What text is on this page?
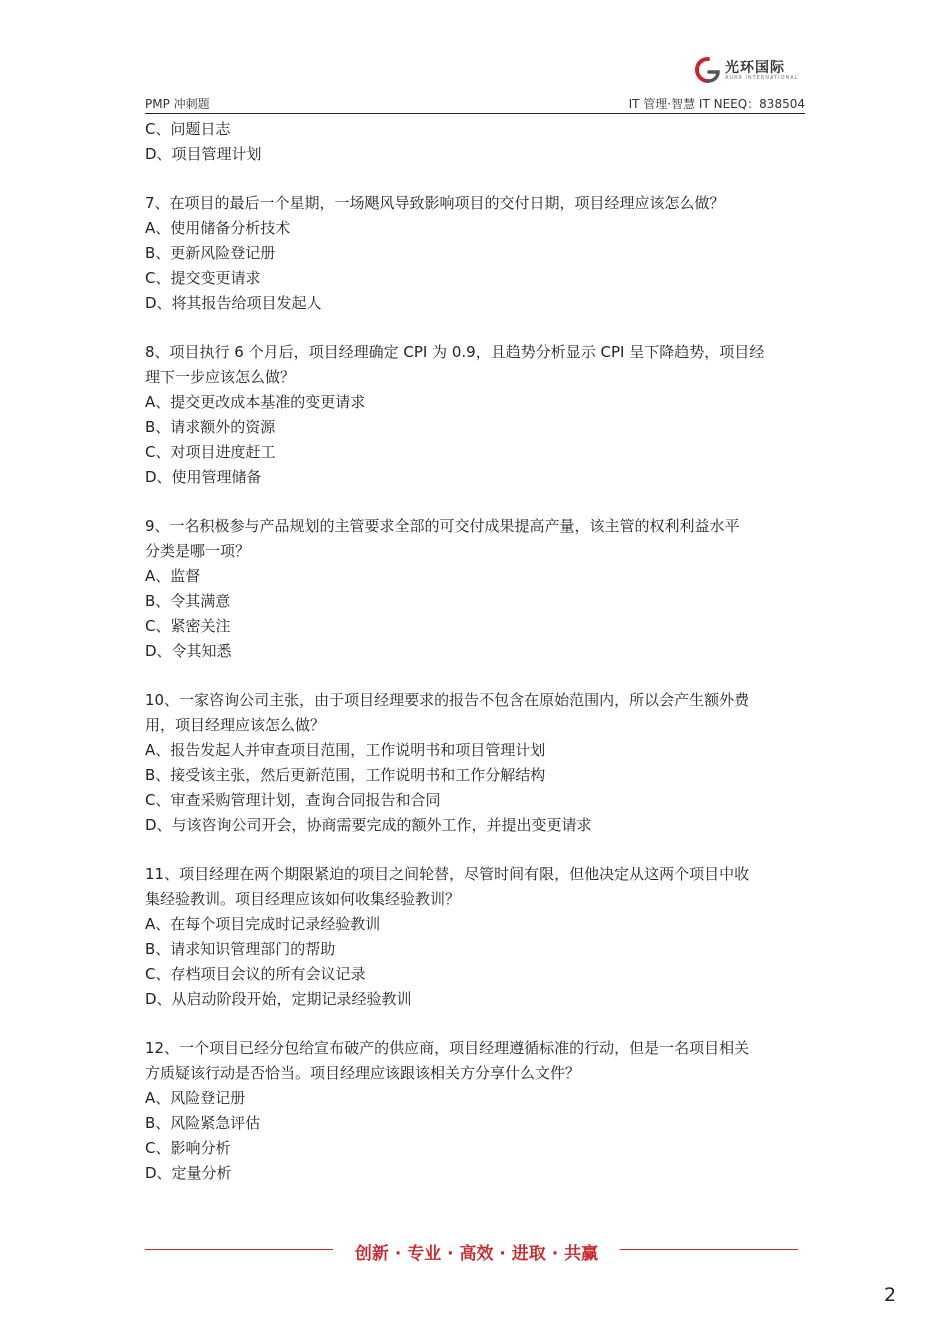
光环国际
AURA INTERNATIONAL
PMP 冲刺题	IT 管理·智慧 IT NEEQ：838504
C、问题日志
D、项目管理计划
7、在项目的最后一个星期，一场飓风导致影响项目的交付日期，项目经理应该怎么做？
A、使用储备分析技术
B、更新风险登记册
C、提交变更请求
D、将其报告给项目发起人
8、项目执行 6 个月后，项目经理确定 CPI 为 0.9，且趋势分析显示 CPI 呈下降趋势，项目经
理下一步应该怎么做？
A、提交更改成本基准的变更请求
B、请求额外的资源
C、对项目进度赶工
D、使用管理储备
9、一名积极参与产品规划的主管要求全部的可交付成果提高产量，该主管的权利利益水平
分类是哪一项？
A、监督
B、令其满意
C、紧密关注
D、令其知悉
10、一家咨询公司主张，由于项目经理要求的报告不包含在原始范围内，所以会产生额外费
用，项目经理应该怎么做？
A、报告发起人并审查项目范围，工作说明书和项目管理计划
B、接受该主张，然后更新范围，工作说明书和工作分解结构
C、审查采购管理计划，查询合同报告和合同
D、与该咨询公司开会，协商需要完成的额外工作，并提出变更请求
11、项目经理在两个期限紧迫的项目之间轮替，尽管时间有限，但他决定从这两个项目中收
集经验教训。项目经理应该如何收集经验教训？
A、在每个项目完成时记录经验教训
B、请求知识管理部门的帮助
C、存档项目会议的所有会议记录
D、从启动阶段开始，定期记录经验教训
12、一个项目已经分包给宣布破产的供应商，项目经理遵循标准的行动，但是一名项目相关
方质疑该行动是否恰当。项目经理应该跟该相关方分享什么文件？
A、风险登记册
B、风险紧急评估
C、影响分析
D、定量分析
创新 · 专业 · 高效 · 进取 · 共赢
2
